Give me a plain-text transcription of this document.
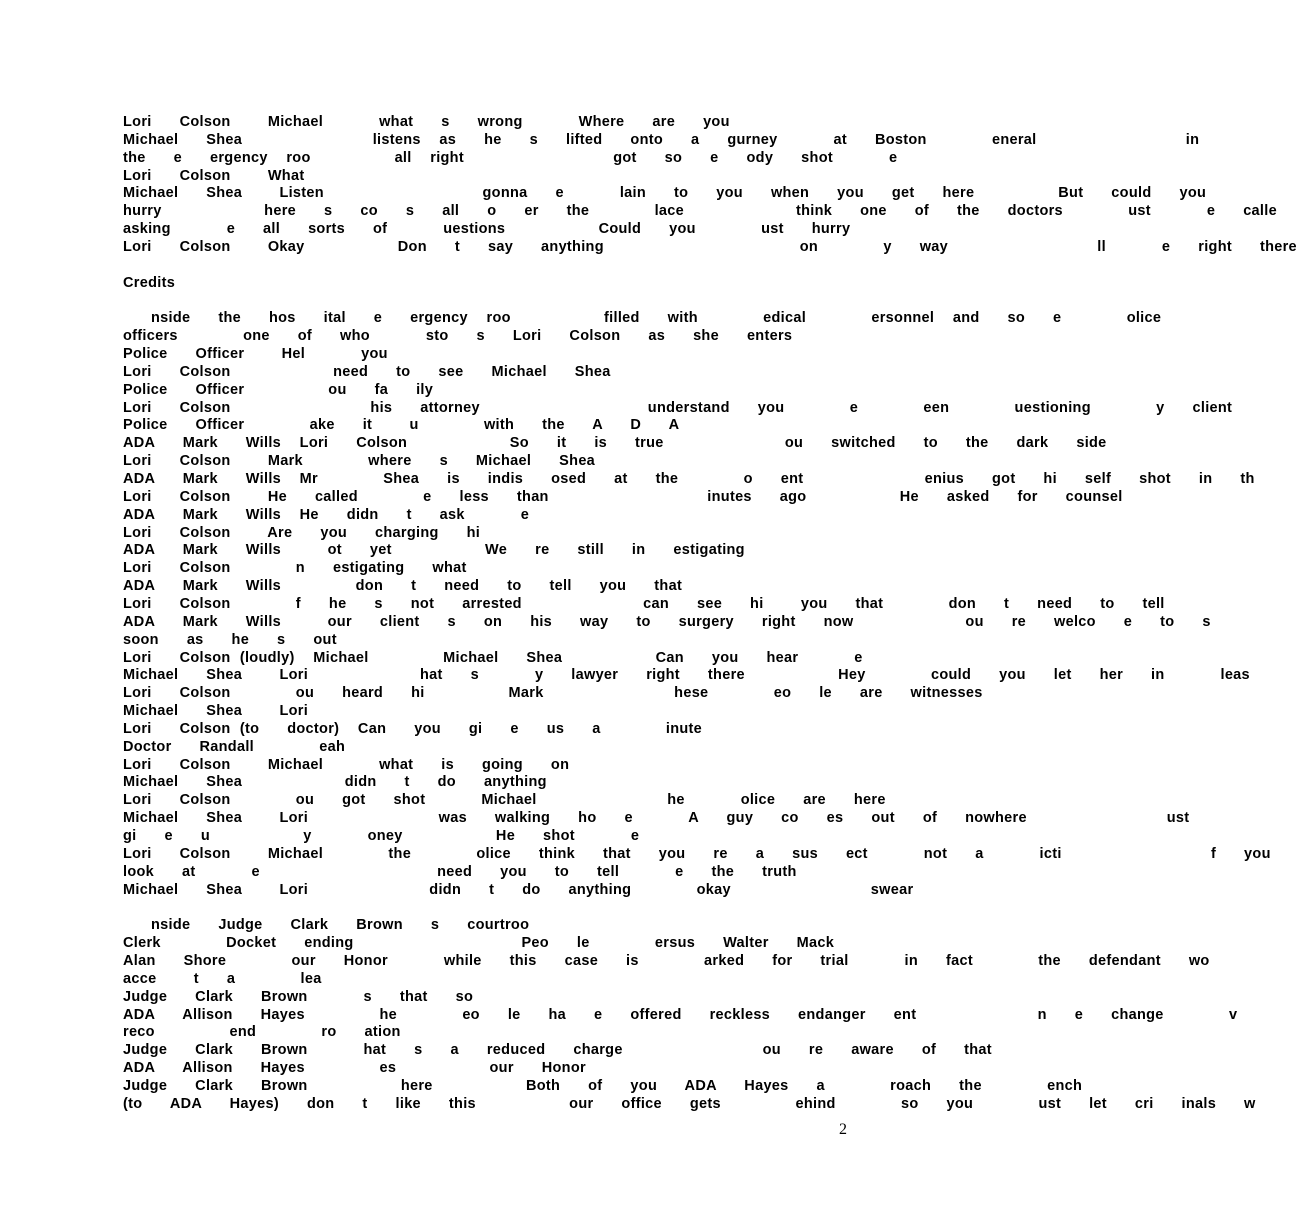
Lori   Colson    Michael      what   s   wrong      Where   are   you
Michael   Shea              listens  as   he   s   lifted   onto   a   gurney      at   Boston       eneral                in
the   e   ergency  roo         all  right                got   so   e   ody   shot      e
Lori   Colson    What
Michael   Shea    Listen                 gonna   e      lain   to   you   when   you   get   here         But   could   you
hurry           here   s   co   s   all   o   er   the       lace            think   one   of   the   doctors       ust      e   calle
asking      e   all   sorts   of      uestions          Could   you       ust   hurry
Lori   Colson    Okay          Don   t   say   anything                     on       y   way                ll      e   right   there
Credits
nside   the   hos   ital   e   ergency  roo          filled   with       edical       ersonnel  and   so   e       olice
officers       one   of   who      sto   s   Lori   Colson   as   she   enters
Police   Officer    Hel      you
Lori   Colson           need   to   see   Michael   Shea
Police   Officer         ou   fa   ily
Lori   Colson               his   attorney                  understand   you       e       een       uestioning       y   client
Police   Officer       ake   it    u       with   the   A   D   A
ADA   Mark   Wills  Lori   Colson           So   it   is   true             ou   switched   to   the   dark   side
Lori   Colson    Mark       where   s   Michael   Shea
ADA   Mark   Wills  Mr       Shea   is   indis   osed   at   the       o   ent             enius   got   hi   self   shot   in   th
Lori   Colson    He   called       e   less   than                 inutes   ago          He   asked   for   counsel
ADA   Mark   Wills  He   didn   t   ask      e
Lori   Colson    Are   you   charging   hi
ADA   Mark   Wills     ot   yet          We   re   still   in   estigating
Lori   Colson       n   estigating   what
ADA   Mark   Wills        don   t   need   to   tell   you   that
Lori   Colson       f   he   s   not   arrested             can   see   hi    you   that       don   t   need   to   tell
ADA   Mark   Wills     our   client   s   on   his   way   to   surgery   right   now            ou   re   welco   e   to   s
soon   as   he   s   out
Lori   Colson (loudly)  Michael        Michael   Shea          Can   you   hear      e
Michael   Shea    Lori            hat   s      y   lawyer   right   there          Hey       could   you   let   her   in      leas
Lori   Colson       ou   heard   hi         Mark              hese       eo   le   are   witnesses
Michael   Shea    Lori
Lori   Colson (to   doctor)  Can   you   gi   e   us   a       inute
Doctor   Randall       eah
Lori   Colson    Michael      what   is   going   on
Michael   Shea           didn   t   do   anything
Lori   Colson       ou   got   shot      Michael              he      olice   are   here
Michael   Shea    Lori              was   walking   ho   e      A   guy   co   es   out   of   nowhere               ust
gi   e   u          y      oney          He   shot      e
Lori   Colson    Michael       the       olice   think   that   you   re   a   sus   ect      not   a      icti                f   you
look   at      e                   need   you   to   tell      e   the   truth
Michael   Shea    Lori             didn   t   do   anything       okay               swear
nside   Judge   Clark   Brown   s   courtroo
Clerk       Docket   ending                  Peo   le       ersus   Walter   Mack
Alan   Shore       our   Honor      while   this   case   is       arked   for   trial      in   fact       the   defendant   wo
acce    t   a       lea
Judge   Clark   Brown      s   that   so
ADA   Allison   Hayes        he       eo   le   ha   e   offered   reckless   endanger   ent             n   e   change       v
reco        end       ro   ation
Judge   Clark   Brown      hat   s   a   reduced   charge               ou   re   aware   of   that
ADA   Allison   Hayes        es          our   Honor
Judge   Clark   Brown          here          Both   of   you   ADA   Hayes   a       roach   the       ench
(to   ADA   Hayes)   don   t   like   this          our   office   gets        ehind       so   you       ust   let   cri   inals   w
2
